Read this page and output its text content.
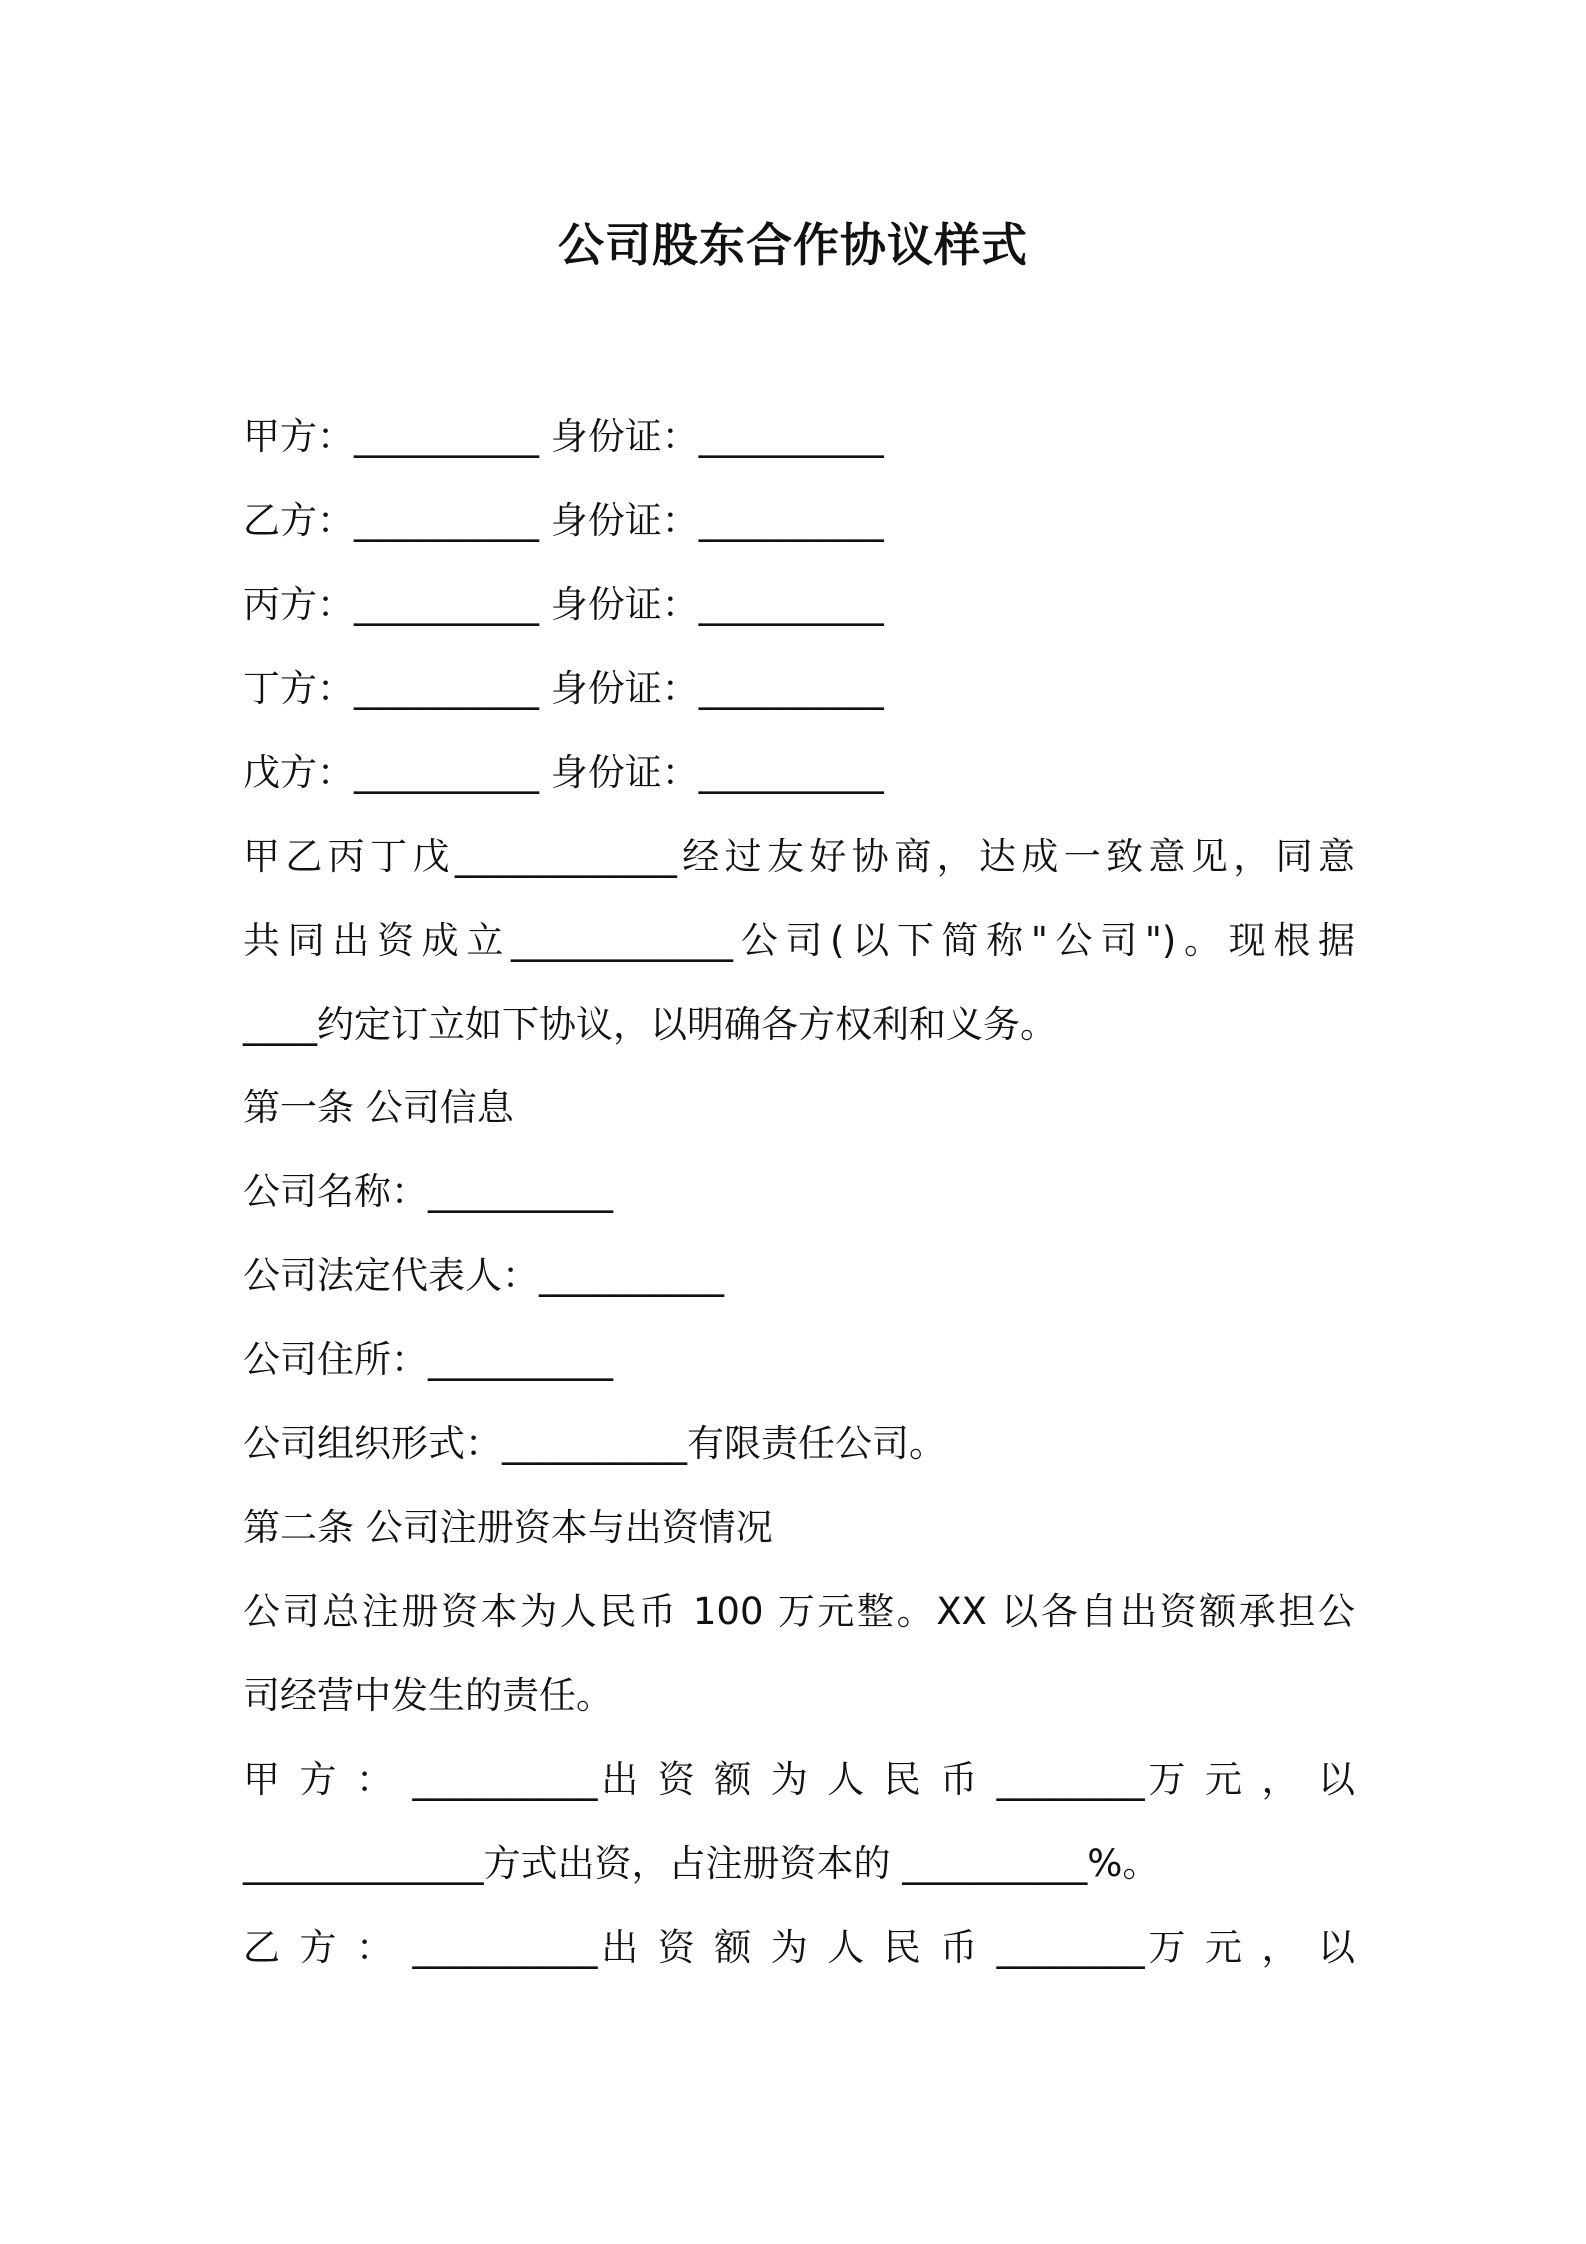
公司股东合作协议样式
甲方：__________ 身份证：__________
乙方：__________ 身份证：__________
丙方：__________ 身份证：__________
丁方：__________ 身份证：__________
戊方：__________ 身份证：__________
甲乙丙丁戊____________经过友好协商，达成一致意见，同意
共同出资成立____________公司(以下简称"公司")。现根据
____约定订立如下协议，以明确各方权利和义务。
第一条 公司信息
公司名称：__________
公司法定代表人：__________
公司住所：__________
公司组织形式：__________有限责任公司。
第二条 公司注册资本与出资情况
公司总注册资本为人民币 100 万元整。XX 以各自出资额承担公
司经营中发生的责任。
甲 方 ： __________出 资 额 为 人 民 币 ________万 元 ， 以
_____________方式出资，占注册资本的 __________%。
乙 方 ： __________出 资 额 为 人 民 币 ________万 元 ， 以
